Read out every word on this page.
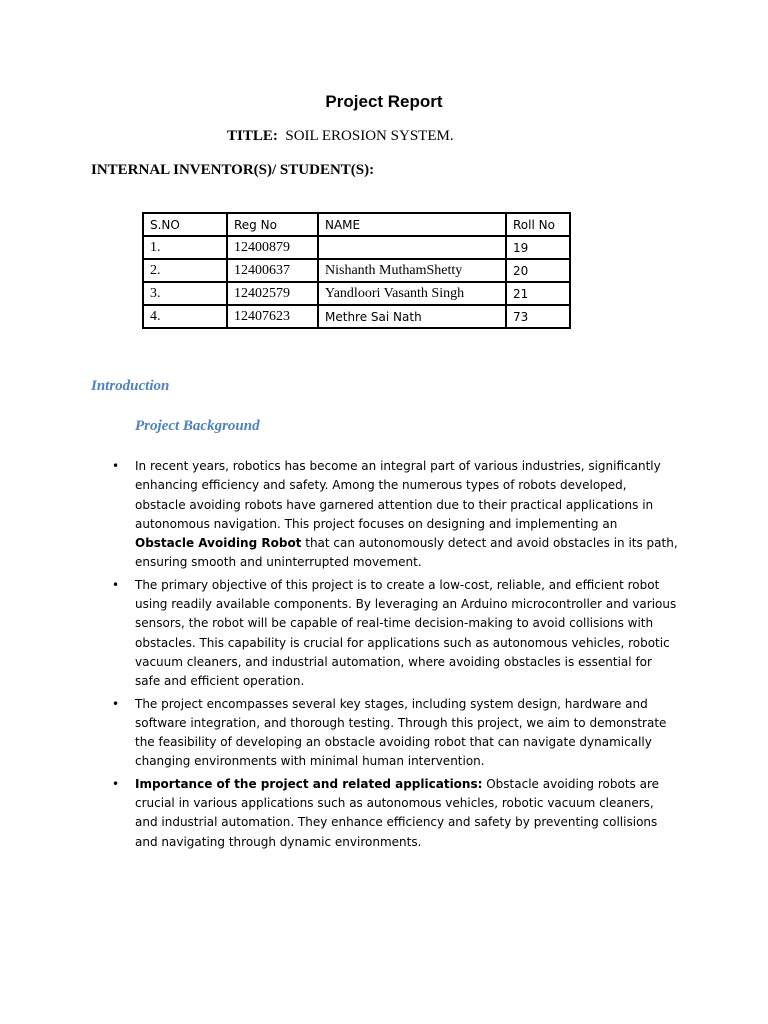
Project Report
TITLE: SOIL EROSION SYSTEM.
INTERNAL INVENTOR(S)/ STUDENT(S):
S.NO	Reg No	NAME	Roll No
1.	12400879		19
2.	12400637	Nishanth MuthamShetty	20
3.	12402579	Yandloori Vasanth Singh	21
4.	12407623	Methre Sai Nath	73
Introduction
Project Background
• In recent years, robotics has become an integral part of various industries, significantly enhancing efficiency and safety. Among the numerous types of robots developed, obstacle avoiding robots have garnered attention due to their practical applications in autonomous navigation. This project focuses on designing and implementing an Obstacle Avoiding Robot that can autonomously detect and avoid obstacles in its path, ensuring smooth and uninterrupted movement.
• The primary objective of this project is to create a low-cost, reliable, and efficient robot using readily available components. By leveraging an Arduino microcontroller and various sensors, the robot will be capable of real-time decision-making to avoid collisions with obstacles. This capability is crucial for applications such as autonomous vehicles, robotic vacuum cleaners, and industrial automation, where avoiding obstacles is essential for safe and efficient operation.
• The project encompasses several key stages, including system design, hardware and software integration, and thorough testing. Through this project, we aim to demonstrate the feasibility of developing an obstacle avoiding robot that can navigate dynamically changing environments with minimal human intervention.
• Importance of the project and related applications: Obstacle avoiding robots are crucial in various applications such as autonomous vehicles, robotic vacuum cleaners, and industrial automation. They enhance efficiency and safety by preventing collisions and navigating through dynamic environments.
